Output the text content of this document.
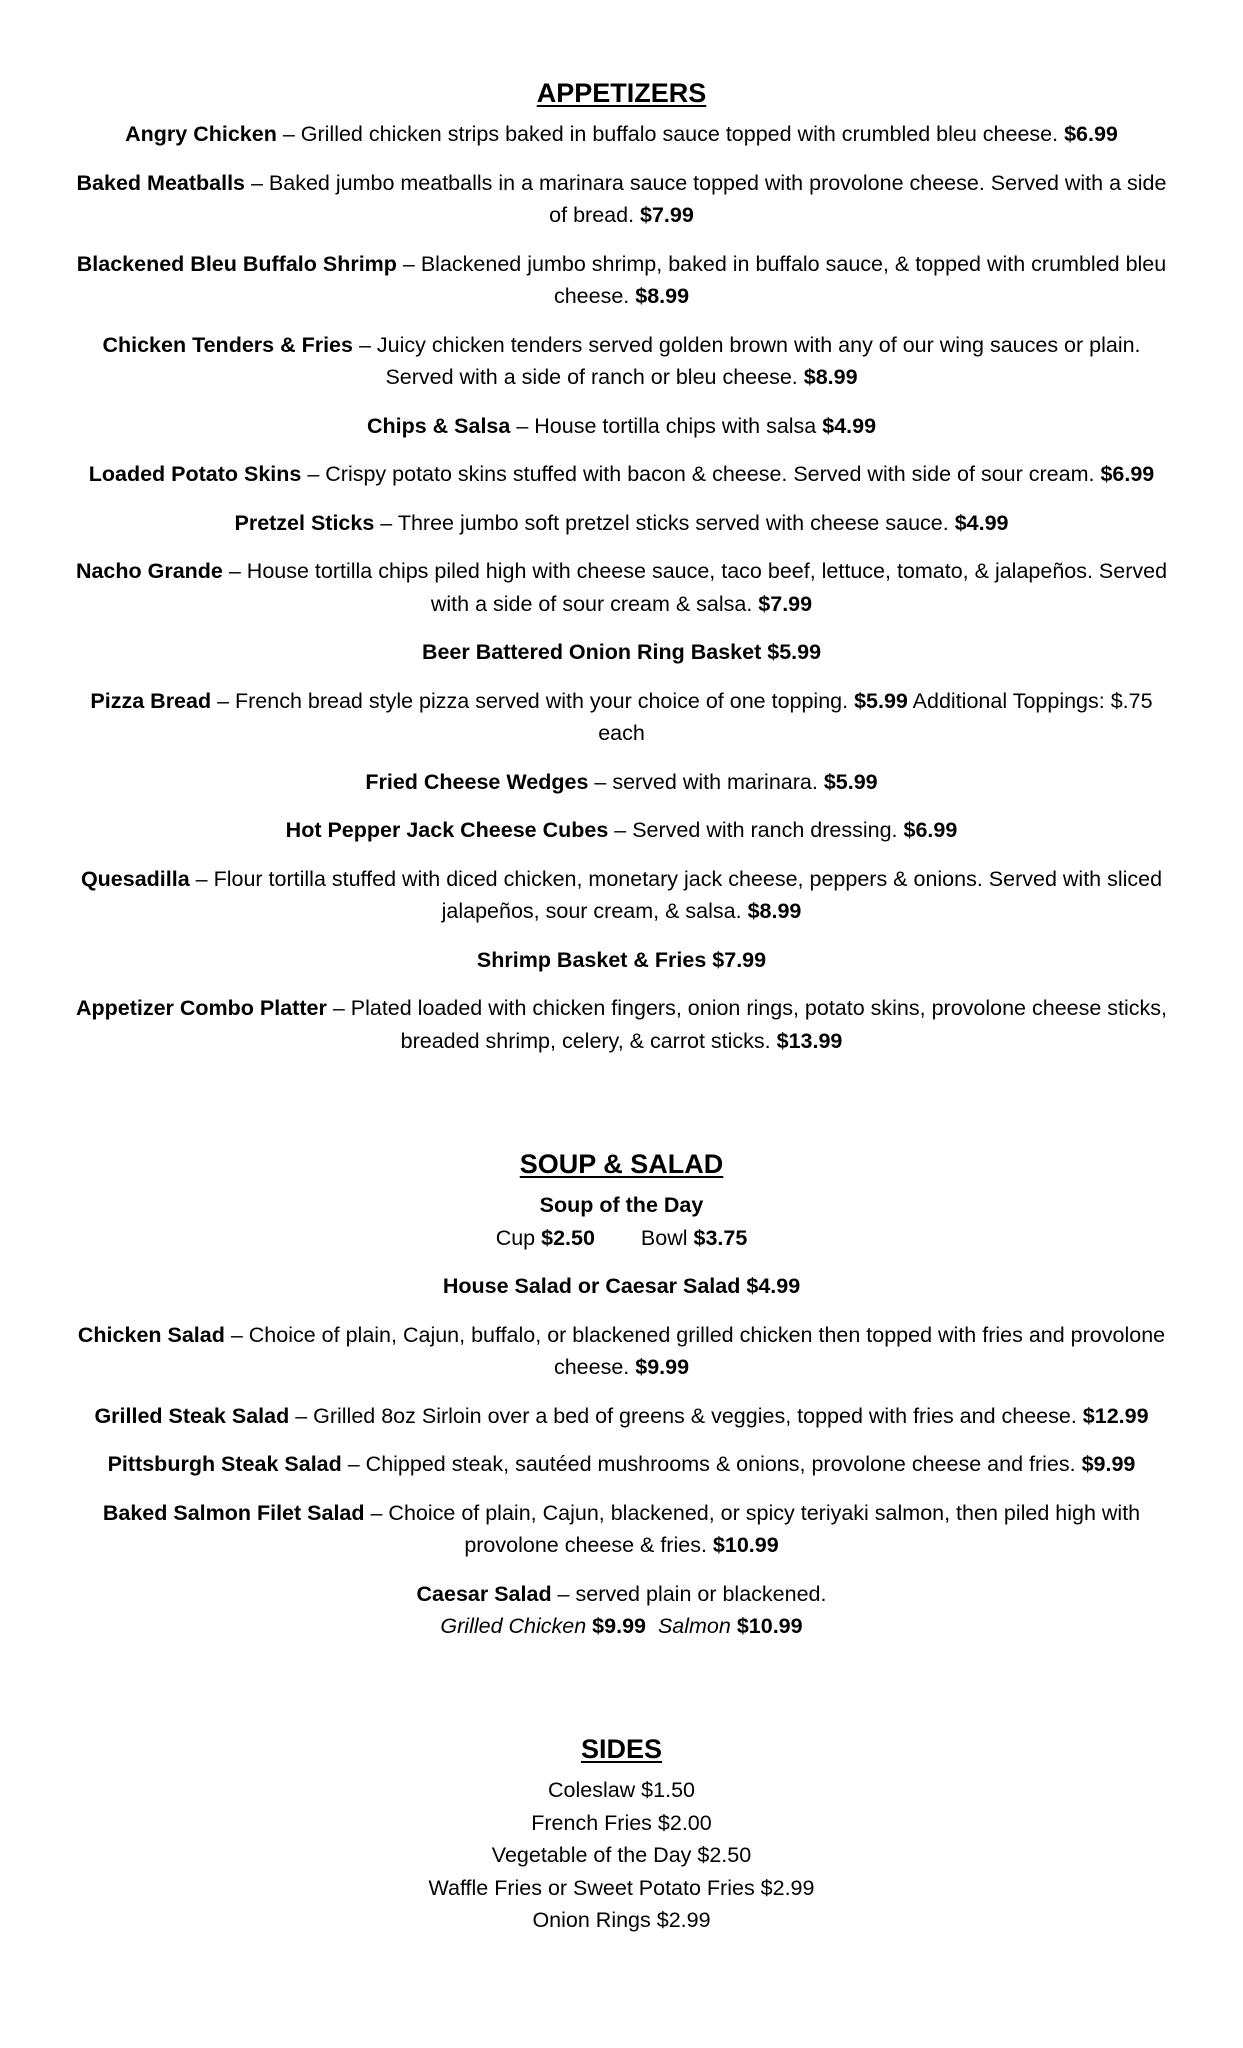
APPETIZERS
Angry Chicken – Grilled chicken strips baked in buffalo sauce topped with crumbled bleu cheese. $6.99
Baked Meatballs – Baked jumbo meatballs in a marinara sauce topped with provolone cheese. Served with a side of bread. $7.99
Blackened Bleu Buffalo Shrimp – Blackened jumbo shrimp, baked in buffalo sauce, & topped with crumbled bleu cheese. $8.99
Chicken Tenders & Fries – Juicy chicken tenders served golden brown with any of our wing sauces or plain. Served with a side of ranch or bleu cheese. $8.99
Chips & Salsa – House tortilla chips with salsa $4.99
Loaded Potato Skins – Crispy potato skins stuffed with bacon & cheese. Served with side of sour cream. $6.99
Pretzel Sticks – Three jumbo soft pretzel sticks served with cheese sauce. $4.99
Nacho Grande – House tortilla chips piled high with cheese sauce, taco beef, lettuce, tomato, & jalapeños. Served with a side of sour cream & salsa. $7.99
Beer Battered Onion Ring Basket $5.99
Pizza Bread – French bread style pizza served with your choice of one topping. $5.99 Additional Toppings: $.75 each
Fried Cheese Wedges – served with marinara. $5.99
Hot Pepper Jack Cheese Cubes – Served with ranch dressing. $6.99
Quesadilla – Flour tortilla stuffed with diced chicken, monetary jack cheese, peppers & onions. Served with sliced jalapeños, sour cream, & salsa. $8.99
Shrimp Basket & Fries $7.99
Appetizer Combo Platter – Plated loaded with chicken fingers, onion rings, potato skins, provolone cheese sticks, breaded shrimp, celery, & carrot sticks. $13.99
SOUP & SALAD
Soup of the Day
Cup $2.50 Bowl $3.75
House Salad or Caesar Salad $4.99
Chicken Salad – Choice of plain, Cajun, buffalo, or blackened grilled chicken then topped with fries and provolone cheese. $9.99
Grilled Steak Salad – Grilled 8oz Sirloin over a bed of greens & veggies, topped with fries and cheese. $12.99
Pittsburgh Steak Salad – Chipped steak, sautéed mushrooms & onions, provolone cheese and fries. $9.99
Baked Salmon Filet Salad – Choice of plain, Cajun, blackened, or spicy teriyaki salmon, then piled high with provolone cheese & fries. $10.99
Caesar Salad – served plain or blackened.
Grilled Chicken $9.99 Salmon $10.99
SIDES
Coleslaw $1.50
French Fries $2.00
Vegetable of the Day $2.50
Waffle Fries or Sweet Potato Fries $2.99
Onion Rings $2.99
